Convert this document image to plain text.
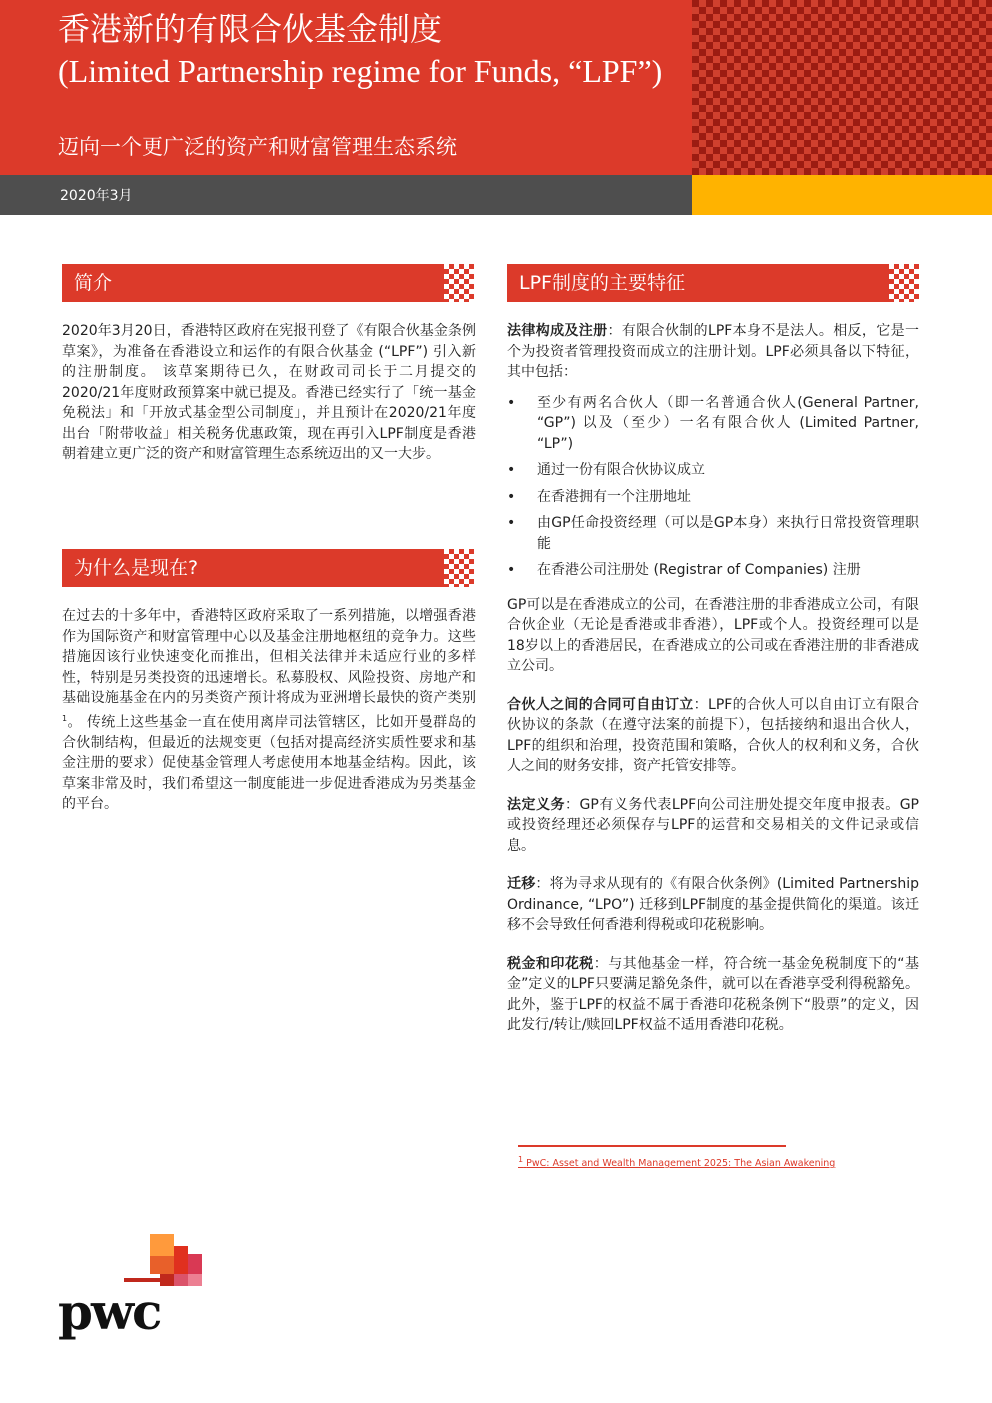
香港新的有限合伙基金制度
(Limited Partnership regime for Funds, “LPF”)
迈向一个更广泛的资产和财富管理生态系统
2020年3月
简介
2020年3月20日，香港特区政府在宪报刊登了《有限合伙基金条例草案》，为准备在香港设立和运作的有限合伙基金 (“LPF”) 引入新的注册制度。 该草案期待已久，在财政司司长于二月提交的2020/21年度财政预算案中就已提及。香港已经实行了「统一基金免税法」和「开放式基金型公司制度」，并且预计在2020/21年度出台「附带收益」相关税务优惠政策，现在再引入LPF制度是香港朝着建立更广泛的资产和财富管理生态系统迈出的又一大步。
为什么是现在?
在过去的十多年中，香港特区政府采取了一系列措施，以增强香港作为国际资产和财富管理中心以及基金注册地枢纽的竞争力。这些措施因该行业快速变化而推出，但相关法律并未适应行业的多样性，特别是另类投资的迅速增长。私募股权、风险投资、房地产和基础设施基金在内的另类资产预计将成为亚洲增长最快的资产类别$^1$。 传统上这些基金一直在使用离岸司法管辖区，比如开曼群岛的合伙制结构，但最近的法规变更（包括对提高经济实质性要求和基金注册的要求）促使基金管理人考虑使用本地基金结构。因此，该草案非常及时，我们希望这一制度能进一步促进香港成为另类基金的平台。
LPF制度的主要特征

法律构成及注册：有限合伙制的LPF本身不是法人。相反，它是一个为投资者管理投资而成立的注册计划。LPF必须具备以下特征，其中包括：

• 至少有两名合伙人（即一名普通合伙人(General Partner, “GP”) 以及（至少）一名有限合伙人 (Limited Partner, “LP”)
• 通过一份有限合伙协议成立
• 在香港拥有一个注册地址
• 由GP任命投资经理（可以是GP本身）来执行日常投资管理职能
• 在香港公司注册处 (Registrar of Companies) 注册

GP可以是在香港成立的公司，在香港注册的非香港成立公司，有限合伙企业（无论是香港或非香港），LPF或个人。投资经理可以是18岁以上的香港居民，在香港成立的公司或在香港注册的非香港成立公司。

合伙人之间的合同可自由订立：LPF的合伙人可以自由订立有限合伙协议的条款（在遵守法案的前提下），包括接纳和退出合伙人，LPF的组织和治理，投资范围和策略，合伙人的权利和义务，合伙人之间的财务安排，资产托管安排等。

法定义务：GP有义务代表LPF向公司注册处提交年度申报表。GP或投资经理还必须保存与LPF的运营和交易相关的文件记录或信息。

迁移：将为寻求从现有的《有限合伙条例》(Limited Partnership Ordinance, “LPO”) 迁移到LPF制度的基金提供简化的渠道。该迁移不会导致任何香港利得税或印花税影响。

税金和印花税：与其他基金一样，符合统一基金免税制度下的“基金”定义的LPF只要满足豁免条件，就可以在香港享受利得税豁免。 此外，鉴于LPF的权益不属于香港印花税条例下“股票”的定义，因此发行/转让/赎回LPF权益不适用香港印花税。

$^1$ PwC: Asset and Wealth Management 2025: The Asian Awakening
pwc
